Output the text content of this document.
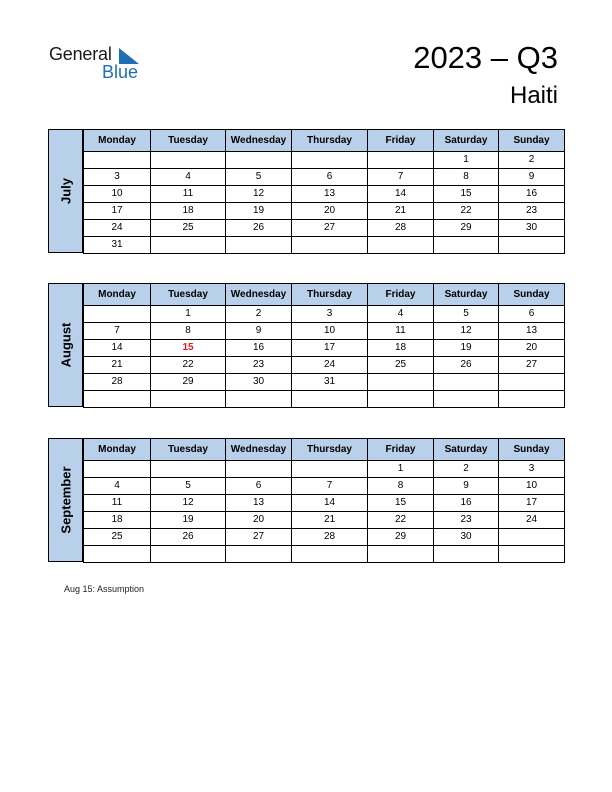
General
Blue	2023 – Q3
Haiti
July
Monday	Tuesday	Wednesday	Thursday	Friday	Saturday	Sunday
					1	2
3	4	5	6	7	8	9
10	11	12	13	14	15	16
17	18	19	20	21	22	23
24	25	26	27	28	29	30
31						
August
Monday	Tuesday	Wednesday	Thursday	Friday	Saturday	Sunday
	1	2	3	4	5	6
7	8	9	10	11	12	13
14	15	16	17	18	19	20
21	22	23	24	25	26	27
28	29	30	31			

September
Monday	Tuesday	Wednesday	Thursday	Friday	Saturday	Sunday
				1	2	3
4	5	6	7	8	9	10
11	12	13	14	15	16	17
18	19	20	21	22	23	24
25	26	27	28	29	30	

Aug 15: Assumption
